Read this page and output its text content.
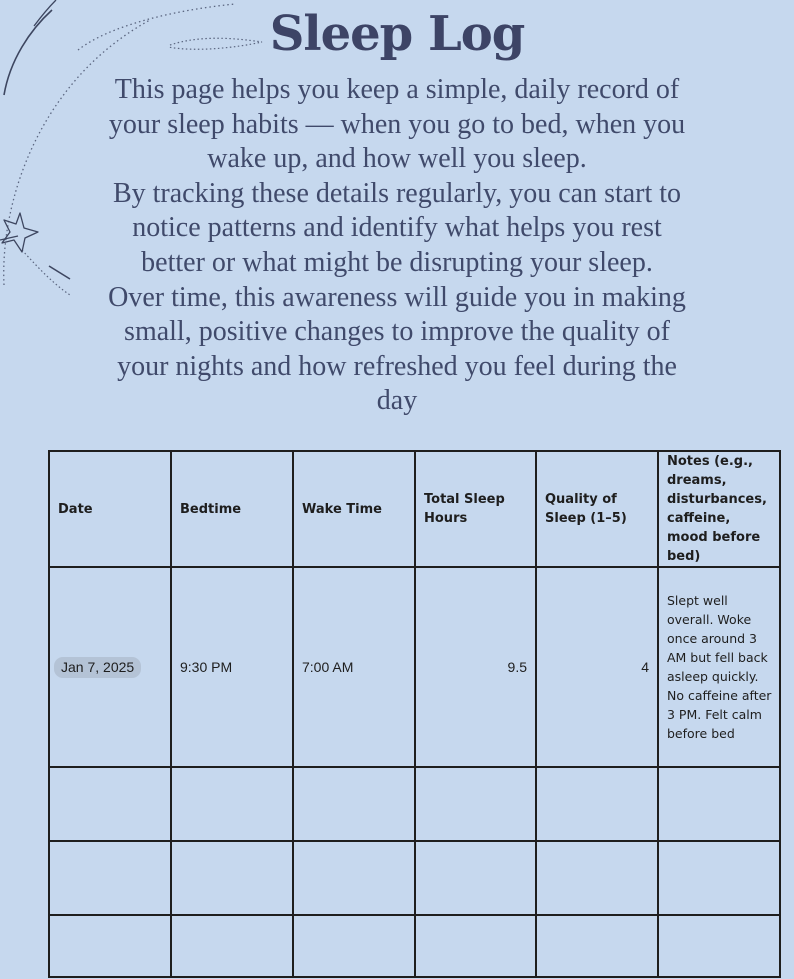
Sleep Log
This page helps you keep a simple, daily record of
your sleep habits — when you go to bed, when you
wake up, and how well you sleep.
By tracking these details regularly, you can start to
notice patterns and identify what helps you rest
better or what might be disrupting your sleep.
Over time, this awareness will guide you in making
small, positive changes to improve the quality of
your nights and how refreshed you feel during the
day
Date	Bedtime	Wake Time	Total Sleep Hours	Quality of Sleep (1–5)	Notes (e.g., dreams, disturbances, caffeine, mood before bed)
Jan 7, 2025	9:30 PM	7:00 AM	9.5	4	Slept well overall. Woke once around 3 AM but fell back asleep quickly. No caffeine after 3 PM. Felt calm before bed
